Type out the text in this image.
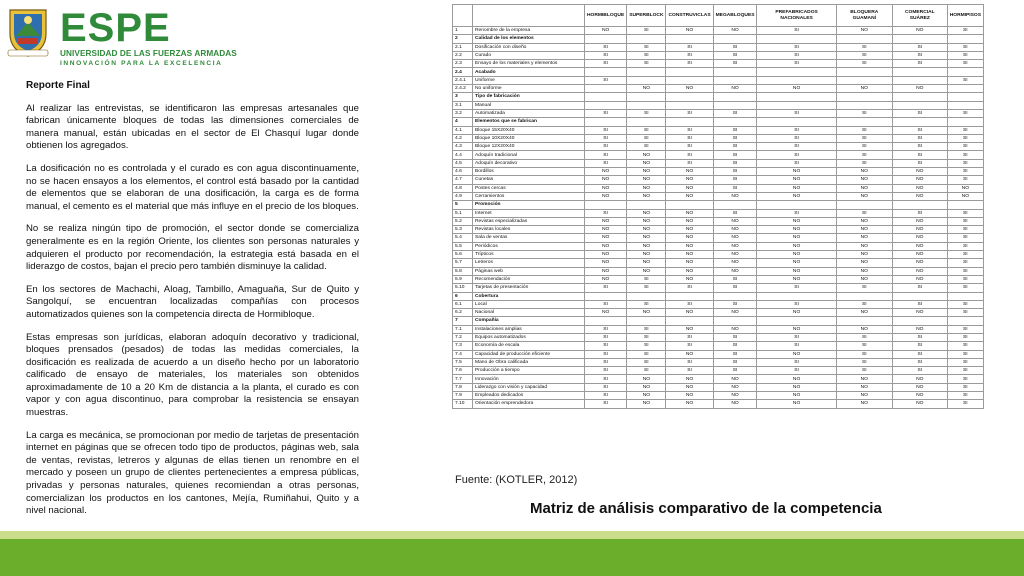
ESPE
UNIVERSIDAD DE LAS FUERZAS ARMADAS
INNOVACIÓN PARA LA EXCELENCIA
Reporte Final

Al realizar las entrevistas, se identificaron las empresas artesanales que fabrican únicamente bloques de todas las dimensiones comerciales de manera manual, están ubicadas en el sector de El Chasquí lugar donde obtienen los agregados.

La dosificación no es controlada y el curado es con agua discontinuamente, no se hacen ensayos a los elementos, el control está basado por la cantidad de elementos que se elaboran de una dosificación, la carga es de forma manual, el cemento es el material que más influye en el precio de los bloques.

No se realiza ningún tipo de promoción, el sector donde se comercializa generalmente es en la región Oriente, los clientes son personas naturales y adquieren el producto por recomendación, la estrategia está basada en el liderazgo de costos, bajan el precio pero también disminuye la calidad.

En los sectores de Machachi, Aloag, Tambillo, Amaguaña, Sur de Quito y Sangolquí, se encuentran localizadas compañías con procesos automatizados quienes son la competencia directa de Hormibloque.

Estas empresas son jurídicas, elaboran adoquín decorativo y tradicional, bloques prensados (pesados) de todas las medidas comerciales, la dosificación es realizada de acuerdo a un diseño hecho por un laboratorio calificado de ensayo de materiales, los materiales son obtenidos aproximadamente de 10 a 20 Km de distancia a la planta, el curado es con vapor y con agua discontinuo, para comprobar la resistencia se ensayan muestras.

La carga es mecánica, se promocionan por medio de tarjetas de presentación internet en páginas que se ofrecen todo tipo de productos, páginas web, sala de ventas, revistas, letreros y algunas de ellas tienen un renombre en el mercado y poseen un grupo de clientes pertenecientes a empresa públicas, privadas y personas naturales, quienes recomiendan a otras personas, comercializan los productos en los cantones, Mejía, Rumiñahui, Quito y a nivel nacional.

		HORMIBLOQUE	SUPERBLOCK	CONSTRUVICLAS	MEGABLOQUES	PREFABRICADOS NACIONALES	BLOQUERA GUAMANÍ	COMERCIAL SUÁREZ	HORMIPISOS
1	Renombre de la empresa	NO	SI	NO	NO	SI	NO	NO	SI
2	Calidad de los elementos								
2.1	Dosificación con diseño	SI	SI	SI	SI	SI	SI	SI	SI
2.2	Curado	SI	SI	SI	SI	SI	SI	SI	SI
2.3	Ensayo de los materiales y elementos	SI	SI	SI	SI	SI	SI	SI	SI
2.4	Acabado								
2.4.1	Uniforme	SI							SI
2.4.2	No uniforme		NO	NO	NO	NO	NO	NO	
3	Tipo de fabricación								
3.1	Manual								
3.2	Automatizada	SI	SI	SI	SI	SI	SI	SI	SI
4	Elementos que se fabrican								
4.1	Bloque 15X20X40	SI	SI	SI	SI	SI	SI	SI	SI
4.2	Bloque 10X20X40	SI	SI	SI	SI	SI	SI	SI	SI
4.3	Bloque 12X20X40	SI	SI	SI	SI	SI	SI	SI	SI
4.4	Adoquín tradicional	SI	NO	SI	SI	SI	SI	SI	SI
4.5	Adoquín decorativo	SI	NO	SI	SI	SI	SI	SI	SI
4.6	Bordillos	NO	NO	NO	SI	NO	NO	NO	SI
4.7	Cunetas	NO	NO	NO	SI	NO	NO	NO	SI
4.8	Postes cercas	NO	NO	NO	SI	NO	NO	NO	NO
4.9	Cerramientos	NO	NO	NO	NO	NO	NO	NO	NO
5	Promoción								
5.1	Internet	SI	NO	NO	SI	SI	SI	SI	SI
5.2	Revistas especializadas	NO	NO	NO	NO	NO	NO	NO	SI
5.3	Revistas locales	NO	NO	NO	NO	NO	NO	NO	SI
5.4	Sala de ventas	NO	NO	NO	NO	NO	NO	NO	SI
5.5	Periódicos	NO	NO	NO	NO	NO	NO	NO	SI
5.6	Trípticos	NO	NO	NO	NO	NO	NO	NO	SI
5.7	Letreros	NO	NO	NO	NO	NO	NO	NO	SI
5.8	Páginas web	NO	NO	NO	NO	NO	NO	NO	SI
5.9	Recomendación	NO	SI	NO	SI	NO	NO	NO	SI
5.10	Tarjetas de presentación	SI	SI	SI	SI	SI	SI	SI	SI
6	Cobertura								
6.1	Local	SI	SI	SI	SI	SI	SI	SI	SI
6.2	Nacional	NO	NO	NO	NO	NO	NO	NO	SI
7	Compañía								
7.1	Instalaciones amplias	SI	SI	NO	NO	NO	NO	NO	SI
7.2	Equipos automatizados	SI	SI	SI	SI	SI	SI	SI	SI
7.3	Economía de escala	SI	SI	SI	SI	SI	SI	SI	SI
7.4	Capacidad de producción eficiente	SI	SI	NO	SI	NO	SI	SI	SI
7.5	Mano de Obra calificada	SI	SI	SI	SI	SI	SI	SI	SI
7.6	Producción a tiempo	SI	SI	SI	SI	SI	SI	SI	SI
7.7	Innovación	SI	NO	NO	NO	NO	NO	NO	SI
7.8	Liderazgo con visión y capacidad	SI	NO	NO	NO	NO	NO	NO	SI
7.9	Empleados dedicados	SI	NO	NO	NO	NO	NO	NO	SI
7.10	Orientación emprendedora	SI	NO	NO	NO	NO	NO	NO	SI
Fuente: (KOTLER, 2012)
Matriz de análisis comparativo de la competencia
